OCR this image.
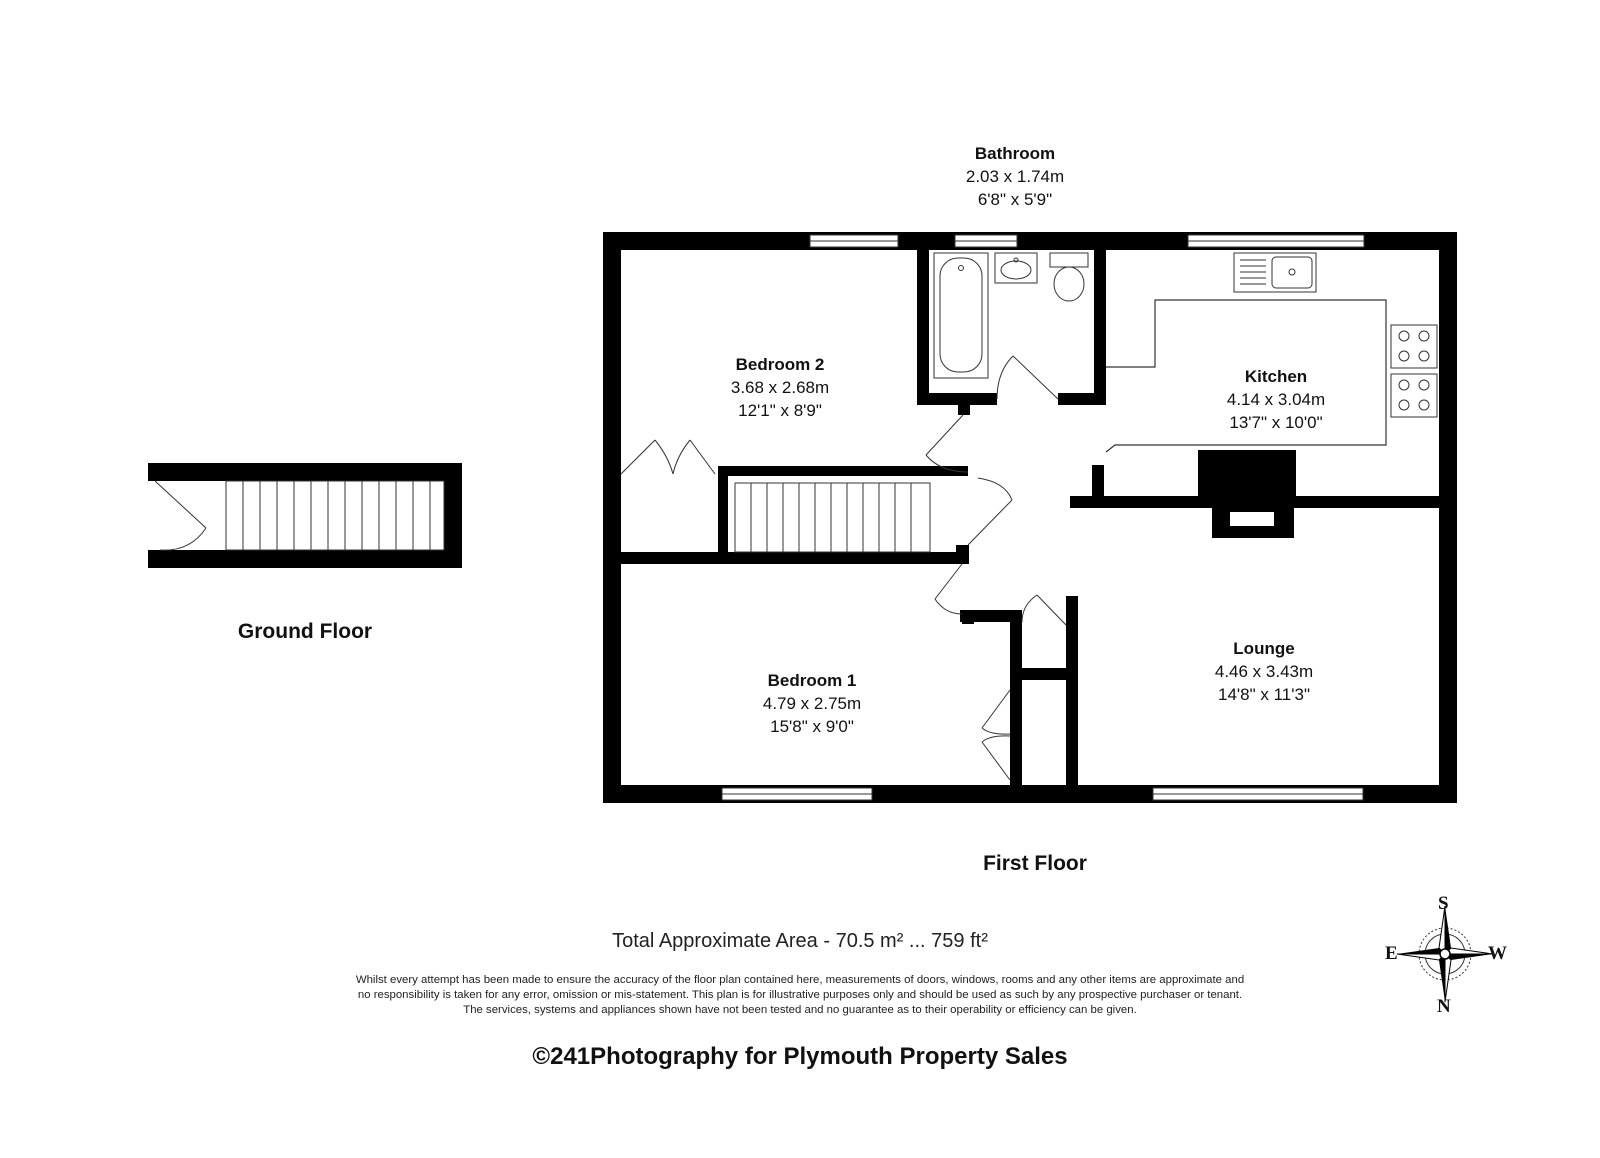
Bathroom
2.03 x 1.74m
6'8" x 5'9"
Bedroom 2
3.68 x 2.68m
12'1" x 8'9"
Kitchen
4.14 x 3.04m
13'7" x 10'0"
Bedroom 1
4.79 x 2.75m
15'8" x 9'0"
Lounge
4.46 x 3.43m
14'8" x 11'3"
Ground Floor
First Floor
Total Approximate Area - 70.5 m² ... 759 ft²
Whilst every attempt has been made to ensure the accuracy of the floor plan contained here, measurements of doors, windows, rooms and any other items are approximate and
no responsibility is taken for any error, omission or mis-statement. This plan is for illustrative purposes only and should be used as such by any prospective purchaser or tenant.
The services, systems and appliances shown have not been tested and no guarantee as to their operability or efficiency can be given.
©241Photography for Plymouth Property Sales
S
N
E	W
